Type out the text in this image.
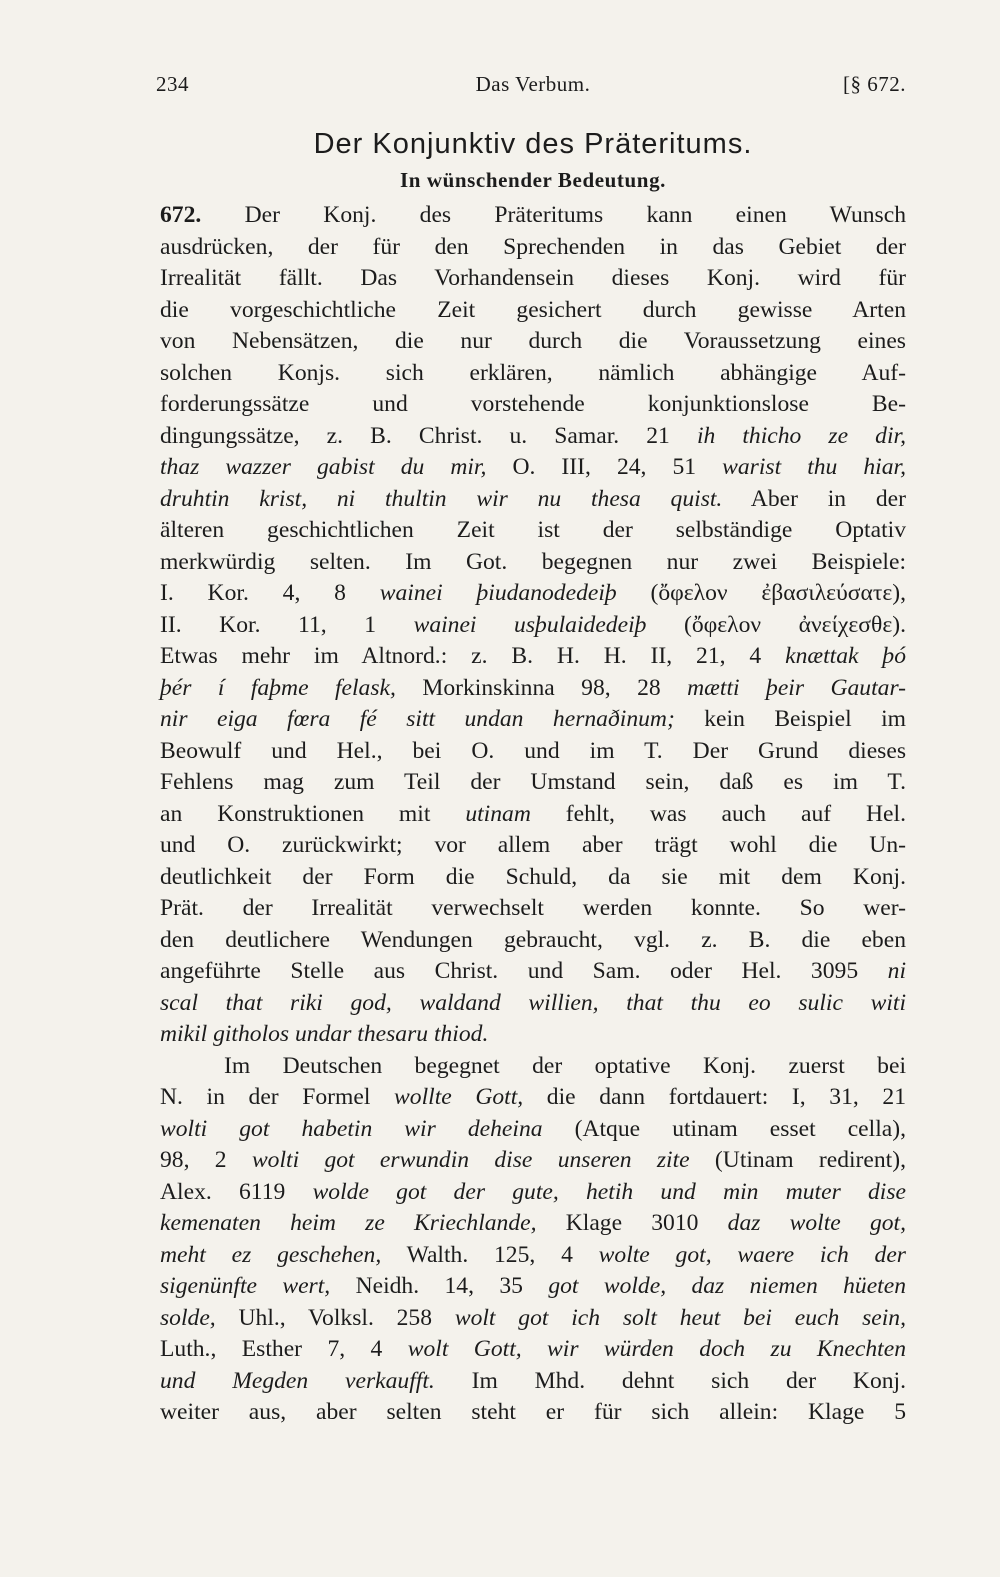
234	Das Verbum.	[§ 672.
Der Konjunktiv des Präteritums.
In wünschender Bedeutung.
672. Der Konj. des Präteritums kann einen Wunsch
ausdrücken, der für den Sprechenden in das Gebiet der
Irrealität fällt. Das Vorhandensein dieses Konj. wird für
die vorgeschichtliche Zeit gesichert durch gewisse Arten
von Nebensätzen, die nur durch die Voraussetzung eines
solchen Konjs. sich erklären, nämlich abhängige Auf-
forderungssätze und vorstehende konjunktionslose Be-
dingungssätze, z. B. Christ. u. Samar. 21 ih thicho ze dir,
thaz wazzer gabist du mir, O. III, 24, 51 warist thu hiar,
druhtin krist, ni thultin wir nu thesa quist. Aber in der
älteren geschichtlichen Zeit ist der selbständige Optativ
merkwürdig selten. Im Got. begegnen nur zwei Beispiele:
I. Kor. 4, 8 wainei þiudanodedeiþ (ὄφελον ἐβασιλεύσατε),
II. Kor. 11, 1 wainei usþulaidedeiþ (ὄφελον ἀνείχεσθε).
Etwas mehr im Altnord.: z. B. H. H. II, 21, 4 knættak þó
þér í faþme felask, Morkinskinna 98, 28 mætti þeir Gautar-
nir eiga fœra fé sitt undan hernaðinum; kein Beispiel im
Beowulf und Hel., bei O. und im T. Der Grund dieses
Fehlens mag zum Teil der Umstand sein, daß es im T.
an Konstruktionen mit utinam fehlt, was auch auf Hel.
und O. zurückwirkt; vor allem aber trägt wohl die Un-
deutlichkeit der Form die Schuld, da sie mit dem Konj.
Prät. der Irrealität verwechselt werden konnte. So wer-
den deutlichere Wendungen gebraucht, vgl. z. B. die eben
angeführte Stelle aus Christ. und Sam. oder Hel. 3095 ni
scal that riki god, waldand willien, that thu eo sulic witi
mikil githolos undar thesaru thiod.
Im Deutschen begegnet der optative Konj. zuerst bei
N. in der Formel wollte Gott, die dann fortdauert: I, 31, 21
wolti got habetin wir deheina (Atque utinam esset cella),
98, 2 wolti got erwundin dise unseren zite (Utinam redirent),
Alex. 6119 wolde got der gute, hetih und min muter dise
kemenaten heim ze Kriechlande, Klage 3010 daz wolte got,
meht ez geschehen, Walth. 125, 4 wolte got, waere ich der
sigenünfte wert, Neidh. 14, 35 got wolde, daz niemen hüeten
solde, Uhl., Volksl. 258 wolt got ich solt heut bei euch sein,
Luth., Esther 7, 4 wolt Gott, wir würden doch zu Knechten
und Megden verkaufft. Im Mhd. dehnt sich der Konj.
weiter aus, aber selten steht er für sich allein: Klage 5
